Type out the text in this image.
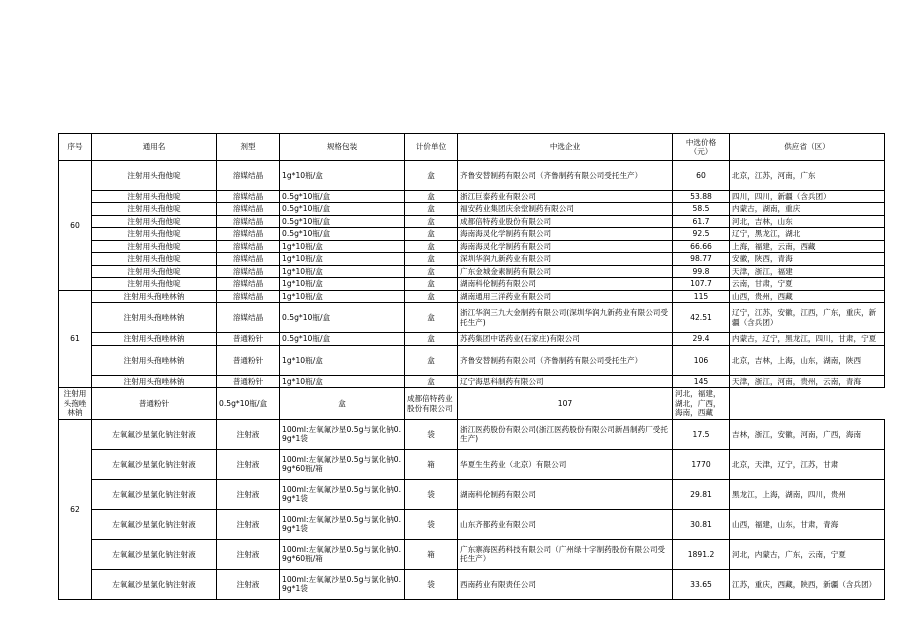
序号	通用名	剂型	规格包装	计价单位	中选企业	中选价格
（元）	供应省（区）
60	注射用头孢他啶	溶媒结晶	1g*10瓶/盒	盒	齐鲁安替制药有限公司（齐鲁制药有限公司受托生产）	60	北京，江苏，河南，广东
	注射用头孢他啶	溶媒结晶	0.5g*10瓶/盒	盒	浙江巨泰药业有限公司	53.88	四川，四川，新疆（含兵团）
	注射用头孢他啶	溶媒结晶	0.5g*10瓶/盒	盒	福安药业集团庆余堂制药有限公司	58.5	内蒙古，湖南，重庆
	注射用头孢他啶	溶媒结晶	0.5g*10瓶/盒	盒	成都倍特药业股份有限公司	61.7	河北，吉林，山东
	注射用头孢他啶	溶媒结晶	0.5g*10瓶/盒	盒	海南海灵化学制药有限公司	92.5	辽宁，黑龙江，湖北
	注射用头孢他啶	溶媒结晶	1g*10瓶/盒	盒	海南海灵化学制药有限公司	66.66	上海，福建，云南，西藏
	注射用头孢他啶	溶媒结晶	1g*10瓶/盒	盒	深圳华润九新药业有限公司	98.77	安徽，陕西，青海
	注射用头孢他啶	溶媒结晶	1g*10瓶/盒	盒	广东金城金素制药有限公司	99.8	天津，浙江，福建
	注射用头孢他啶	溶媒结晶	1g*10瓶/盒	盒	湖南科伦制药有限公司	107.7	云南，甘肃，宁夏
61	注射用头孢唑林钠	溶媒结晶	1g*10瓶/盒	盒	湖南通用三洋药业有限公司	115	山西，贵州，西藏
	注射用头孢唑林钠	溶媒结晶	0.5g*10瓶/盒	盒	浙江华润三九大金制药有限公司(深圳华润九新药业有限公司受托生产)	42.51	辽宁，江苏，安徽，江西，广东，重庆，新疆（含兵团）
	注射用头孢唑林钠	普通粉针	0.5g*10瓶/盒	盒	苏药集团中诺药业(石家庄)有限公司	29.4	内蒙古，辽宁，黑龙江，四川，甘肃，宁夏
	注射用头孢唑林钠	普通粉针	1g*10瓶/盒	盒	齐鲁安替制药有限公司（齐鲁制药有限公司受托生产）	106	北京，吉林，上海，山东，湖南，陕西
	注射用头孢唑林钠	普通粉针	1g*10瓶/盒	盒	辽宁海思科制药有限公司	145	天津，浙江，河南，贵州，云南，青海
注射用头孢唑林钠	普通粉针	0.5g*10瓶/盒	盒	成都倍特药业股份有限公司	107	河北，福建，湖北，广西，海南，西藏	
62	左氧氟沙星氯化钠注射液	注射液	100ml:左氧氟沙星0.5g与氯化钠0.9g*1袋	袋	浙江医药股份有限公司(浙江医药股份有限公司新昌制药厂受托生产)	17.5	吉林，浙江，安徽，河南，广西，海南
	左氧氟沙星氯化钠注射液	注射液	100ml:左氧氟沙星0.5g与氯化钠0.9g*60瓶/箱	箱	华夏生生药业（北京）有限公司	1770	北京，天津，辽宁，江苏，甘肃
	左氧氟沙星氯化钠注射液	注射液	100ml:左氧氟沙星0.5g与氯化钠0.9g*1袋	袋	湖南科伦制药有限公司	29.81	黑龙江，上海，湖南，四川，贵州
	左氧氟沙星氯化钠注射液	注射液	100ml:左氧氟沙星0.5g与氯化钠0.9g*1袋	袋	山东齐都药业有限公司	30.81	山西，福建，山东，甘肃，青海
	左氧氟沙星氯化钠注射液	注射液	100ml:左氧氟沙星0.5g与氯化钠0.9g*60瓶/箱	箱	广东寨海医药科技有限公司（广州绿十字制药股份有限公司受托生产）	1891.2	河北，内蒙古，广东，云南，宁夏
	左氧氟沙星氯化钠注射液	注射液	100ml:左氧氟沙星0.5g与氯化钠0.9g*1袋	袋	西南药业有限责任公司	33.65	江苏，重庆，西藏，陕西，新疆（含兵团）
